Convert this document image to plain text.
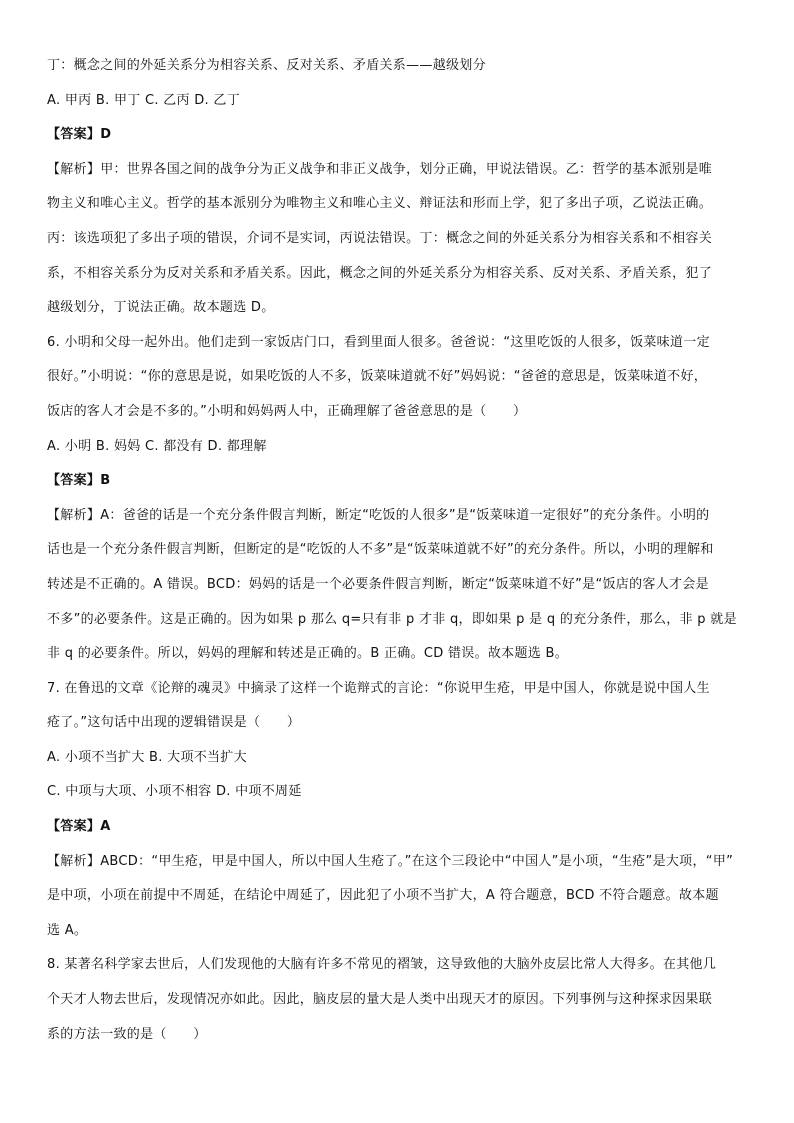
丁：概念之间的外延关系分为相容关系、反对关系、矛盾关系——越级划分
A. 甲丙 B. 甲丁 C. 乙丙 D. 乙丁
【答案】D
【解析】甲：世界各国之间的战争分为正义战争和非正义战争，划分正确，甲说法错误。乙：哲学的基本派别是唯
物主义和唯心主义。哲学的基本派别分为唯物主义和唯心主义、辩证法和形而上学，犯了多出子项，乙说法正确。
丙：该选项犯了多出子项的错误，介词不是实词，丙说法错误。丁：概念之间的外延关系分为相容关系和不相容关
系，不相容关系分为反对关系和矛盾关系。因此，概念之间的外延关系分为相容关系、反对关系、矛盾关系，犯了
越级划分，丁说法正确。故本题选 D。
6. 小明和父母一起外出。他们走到一家饭店门口，看到里面人很多。爸爸说：“这里吃饭的人很多，饭菜味道一定
很好。”小明说：“你的意思是说，如果吃饭的人不多，饭菜味道就不好”妈妈说：“爸爸的意思是，饭菜味道不好，
饭店的客人才会是不多的。”小明和妈妈两人中，正确理解了爸爸意思的是（　　）
A. 小明 B. 妈妈 C. 都没有 D. 都理解
【答案】B
【解析】A：爸爸的话是一个充分条件假言判断，断定“吃饭的人很多”是“饭菜味道一定很好”的充分条件。小明的
话也是一个充分条件假言判断，但断定的是“吃饭的人不多”是“饭菜味道就不好”的充分条件。所以，小明的理解和
转述是不正确的。A 错误。BCD：妈妈的话是一个必要条件假言判断，断定“饭菜味道不好”是“饭店的客人才会是
不多”的必要条件。这是正确的。因为如果 p 那么 q=只有非 p 才非 q，即如果 p 是 q 的充分条件，那么，非 p 就是
非 q 的必要条件。所以，妈妈的理解和转述是正确的。B 正确。CD 错误。故本题选 B。
7. 在鲁迅的文章《论辩的魂灵》中摘录了这样一个诡辩式的言论：“你说甲生疮，甲是中国人，你就是说中国人生
疮了。”这句话中出现的逻辑错误是（　　）
A. 小项不当扩大 B. 大项不当扩大
C. 中项与大项、小项不相容 D. 中项不周延
【答案】A
【解析】ABCD：“甲生疮，甲是中国人，所以中国人生疮了。”在这个三段论中“中国人”是小项，“生疮”是大项，“甲”
是中项，小项在前提中不周延，在结论中周延了，因此犯了小项不当扩大，A 符合题意，BCD 不符合题意。故本题
选 A。
8. 某著名科学家去世后，人们发现他的大脑有许多不常见的褶皱，这导致他的大脑外皮层比常人大得多。在其他几
个天才人物去世后，发现情况亦如此。因此，脑皮层的量大是人类中出现天才的原因。下列事例与这种探求因果联
系的方法一致的是（　　）
